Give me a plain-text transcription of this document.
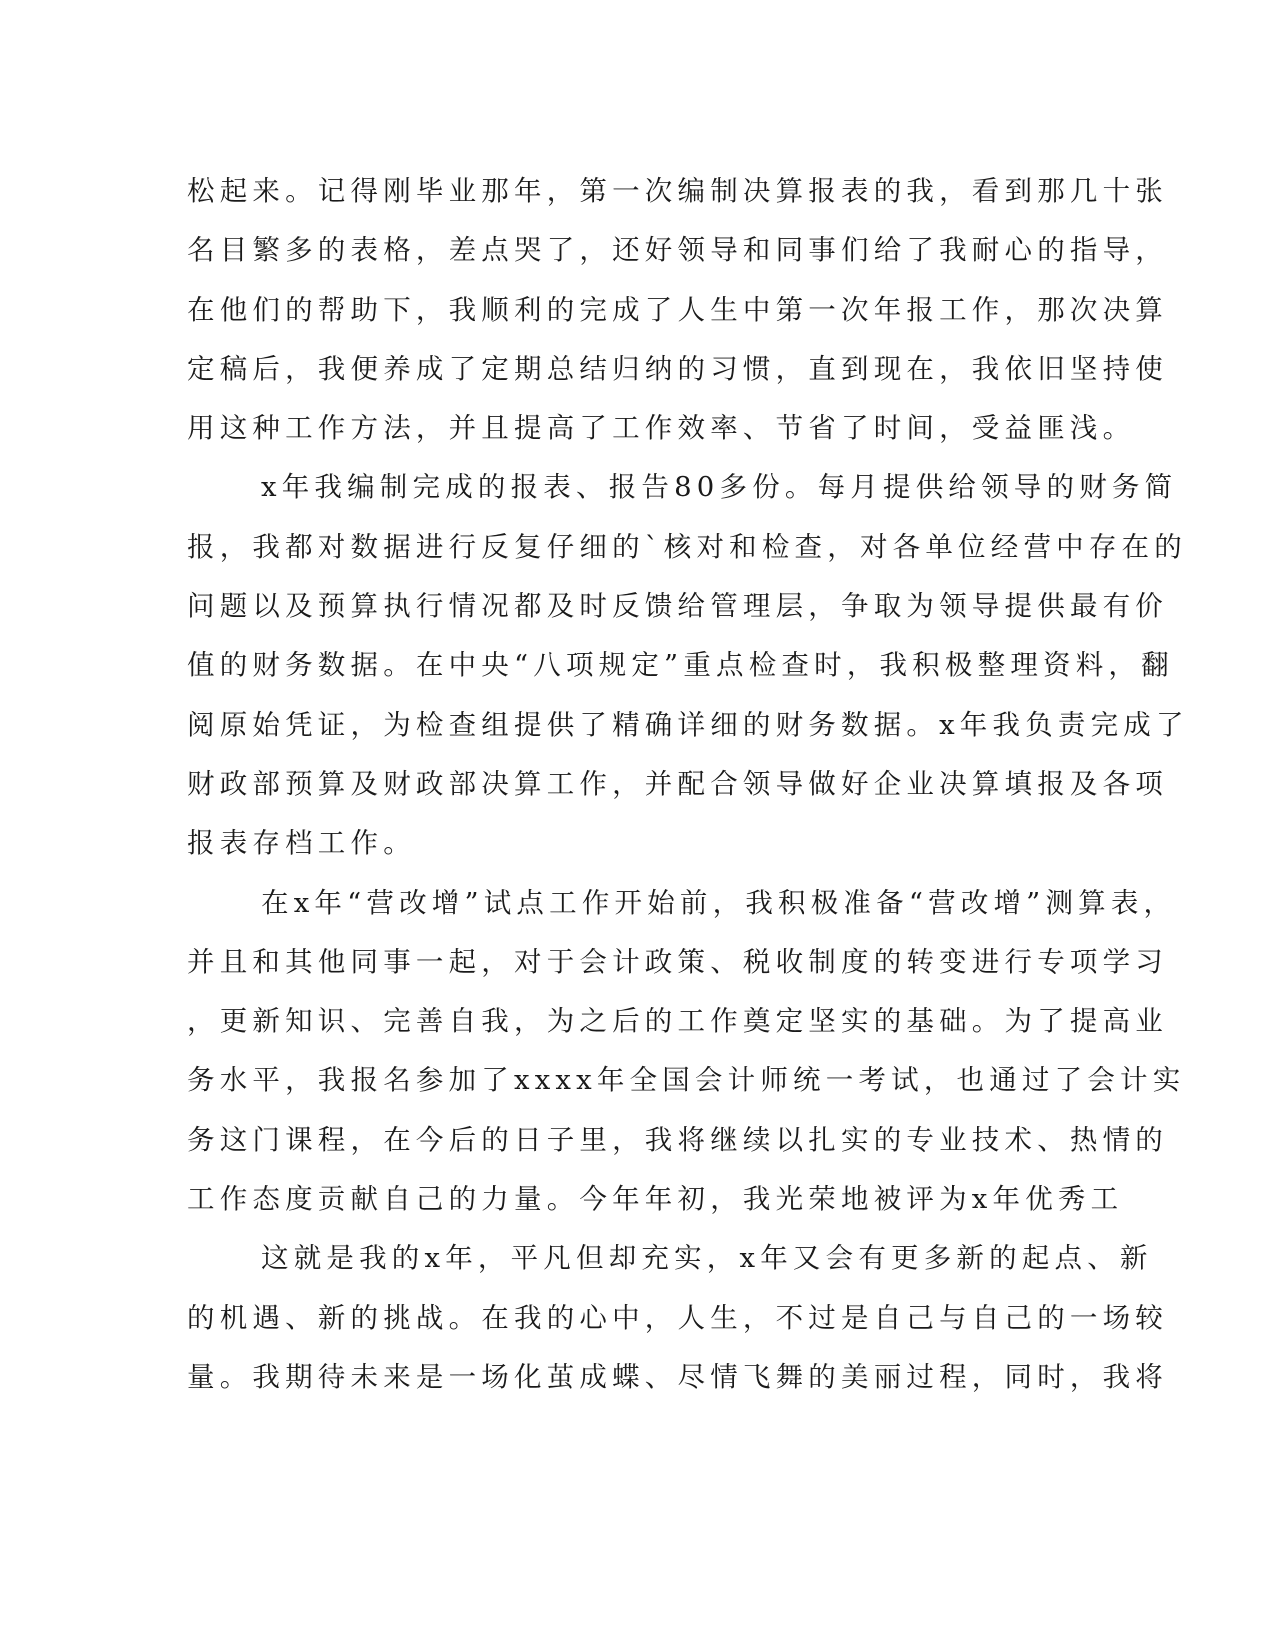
松起来。记得刚毕业那年，第一次编制决算报表的我，看到那几十张
名目繁多的表格，差点哭了，还好领导和同事们给了我耐心的指导，
在他们的帮助下，我顺利的完成了人生中第一次年报工作，那次决算
定稿后，我便养成了定期总结归纳的习惯，直到现在，我依旧坚持使
用这种工作方法，并且提高了工作效率、节省了时间，受益匪浅。
x年我编制完成的报表、报告80多份。每月提供给领导的财务简
报，我都对数据进行反复仔细的`核对和检查，对各单位经营中存在的
问题以及预算执行情况都及时反馈给管理层，争取为领导提供最有价
值的财务数据。在中央“八项规定”重点检查时，我积极整理资料，翻
阅原始凭证，为检查组提供了精确详细的财务数据。x年我负责完成了
财政部预算及财政部决算工作，并配合领导做好企业决算填报及各项
报表存档工作。
在x年“营改增”试点工作开始前，我积极准备“营改增”测算表，
并且和其他同事一起，对于会计政策、税收制度的转变进行专项学习
，更新知识、完善自我，为之后的工作奠定坚实的基础。为了提高业
务水平，我报名参加了xxxx年全国会计师统一考试，也通过了会计实
务这门课程，在今后的日子里，我将继续以扎实的专业技术、热情的
工作态度贡献自己的力量。今年年初，我光荣地被评为x年优秀工
这就是我的x年，平凡但却充实，x年又会有更多新的起点、新
的机遇、新的挑战。在我的心中，人生，不过是自己与自己的一场较
量。我期待未来是一场化茧成蝶、尽情飞舞的美丽过程，同时，我将
